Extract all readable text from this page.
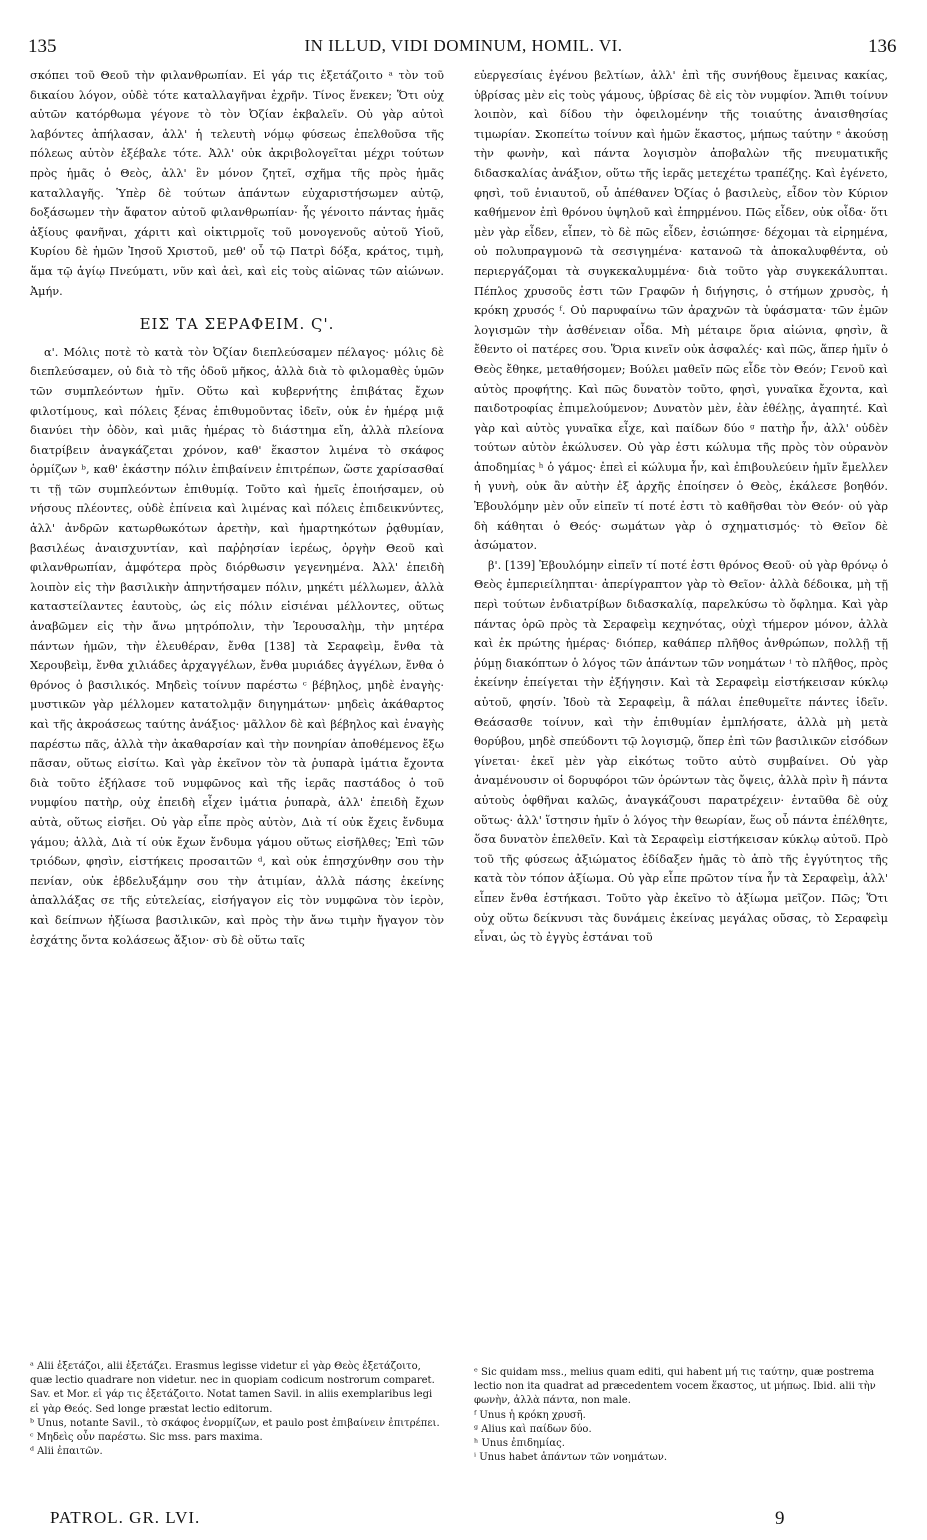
135	IN ILLUD, VIDI DOMINUM, HOMIL. VI.	136

σκόπει τοῦ Θεοῦ τὴν φιλανθρωπίαν. Εἰ γάρ τις ἐξετάζοιτο ᵃ τὸν τοῦ δικαίου λόγον, οὐδὲ τότε καταλλαγῆναι ἐχρῆν. Τίνος ἕνεκεν; Ὅτι οὐχ αὐτῶν κατόρθωμα γέγονε τὸ τὸν Ὀζίαν ἐκβαλεῖν. Οὐ γὰρ αὐτοὶ λαβόντες ἀπήλασαν, ἀλλ' ἡ τελευτὴ νόμῳ φύσεως ἐπελθοῦσα τῆς πόλεως αὐτὸν ἐξέβαλε τότε. Ἀλλ' οὐκ ἀκριβολογεῖται μέχρι τούτων πρὸς ἡμᾶς ὁ Θεὸς, ἀλλ' ἓν μόνον ζητεῖ, σχῆμα τῆς πρὸς ἡμᾶς καταλλαγῆς. Ὑπὲρ δὲ τούτων ἁπάντων εὐχαριστήσωμεν αὐτῷ, δοξάσωμεν τὴν ἄφατον αὐτοῦ φιλανθρωπίαν· ἧς γένοιτο πάντας ἡμᾶς ἀξίους φανῆναι, χάριτι καὶ οἰκτιρμοῖς τοῦ μονογενοῦς αὐτοῦ Υἱοῦ, Κυρίου δὲ ἡμῶν Ἰησοῦ Χριστοῦ, μεθ' οὗ τῷ Πατρὶ δόξα, κράτος, τιμὴ, ἅμα τῷ ἁγίῳ Πνεύματι, νῦν καὶ ἀεὶ, καὶ εἰς τοὺς αἰῶνας τῶν αἰώνων. Ἀμήν.

ΕΙΣ ΤΑ ΣΕΡΑΦΕΙΜ. Ϛ'.

α'. Μόλις ποτὲ τὸ κατὰ τὸν Ὀζίαν διεπλεύσαμεν πέλαγος· μόλις δὲ διεπλεύσαμεν, οὐ διὰ τὸ τῆς ὁδοῦ μῆκος, ἀλλὰ διὰ τὸ φιλομαθὲς ὑμῶν τῶν συμπλεόντων ἡμῖν. Οὕτω καὶ κυβερνήτης ἐπιβάτας ἔχων φιλοτίμους, καὶ πόλεις ξένας ἐπιθυμοῦντας ἰδεῖν, οὐκ ἐν ἡμέρᾳ μιᾷ διανύει τὴν ὁδὸν, καὶ μιᾶς ἡμέρας τὸ διάστημα εἴη, ἀλλὰ πλείονα διατρίβειν ἀναγκάζεται χρόνον, καθ' ἕκαστον λιμένα τὸ σκάφος ὁρμίζων ᵇ, καθ' ἑκάστην πόλιν ἐπιβαίνειν ἐπιτρέπων, ὥστε χαρίσασθαί τι τῇ τῶν συμπλεόντων ἐπιθυμίᾳ. Τοῦτο καὶ ἡμεῖς ἐποιήσαμεν, οὐ νήσους πλέοντες, οὐδὲ ἐπίνεια καὶ λιμένας καὶ πόλεις ἐπιδεικνύντες, ἀλλ' ἀνδρῶν κατωρθωκότων ἀρετὴν, καὶ ἡμαρτηκότων ῥᾳθυμίαν, βασιλέως ἀναισχυντίαν, καὶ παῤῥησίαν ἱερέως, ὀργὴν Θεοῦ καὶ φιλανθρωπίαν, ἀμφότερα πρὸς διόρθωσιν γεγενημένα. Ἀλλ' ἐπειδὴ λοιπὸν εἰς τὴν βασιλικὴν ἀπηντήσαμεν πόλιν, μηκέτι μέλλωμεν, ἀλλὰ καταστείλαντες ἑαυτοὺς, ὡς εἰς πόλιν εἰσιέναι μέλλοντες, οὕτως ἀναβῶμεν εἰς τὴν ἄνω μητρόπολιν, τὴν Ἱερουσαλὴμ, τὴν μητέρα πάντων ἡμῶν, τὴν ἐλευθέραν, ἔνθα [138] τὰ Σεραφεὶμ, ἔνθα τὰ Χερουβεὶμ, ἔνθα χιλιάδες ἀρχαγγέλων, ἔνθα μυριάδες ἀγγέλων, ἔνθα ὁ θρόνος ὁ βασιλικός. Μηδεὶς τοίνυν παρέστω ᶜ βέβηλος, μηδὲ ἐναγὴς· μυστικῶν γὰρ μέλλομεν κατατολμᾷν διηγημάτων· μηδεὶς ἀκάθαρτος καὶ τῆς ἀκροάσεως ταύτης ἀνάξιος· μᾶλλον δὲ καὶ βέβηλος καὶ ἐναγὴς παρέστω πᾶς, ἀλλὰ τὴν ἀκαθαρσίαν καὶ τὴν πονηρίαν ἀποθέμενος ἔξω πᾶσαν, οὕτως εἰσίτω. Καὶ γὰρ ἐκεῖνον τὸν τὰ ῥυπαρὰ ἱμάτια ἔχοντα διὰ τοῦτο ἐξήλασε τοῦ νυμφῶνος καὶ τῆς ἱερᾶς παστάδος ὁ τοῦ νυμφίου πατὴρ, οὐχ ἐπειδὴ εἶχεν ἱμάτια ῥυπαρὰ, ἀλλ' ἐπειδὴ ἔχων αὐτὰ, οὕτως εἰσῆει. Οὐ γὰρ εἶπε πρὸς αὐτὸν, Διὰ τί οὐκ ἔχεις ἔνδυμα γάμου; ἀλλὰ, Διὰ τί οὐκ ἔχων ἔνδυμα γάμου οὕτως εἰσῆλθες; Ἐπὶ τῶν τριόδων, φησὶν, εἱστήκεις προσαιτῶν ᵈ, καὶ οὐκ ἐπησχύνθην σου τὴν πενίαν, οὐκ ἐβδελυξάμην σου τὴν ἀτιμίαν, ἀλλὰ πάσης ἐκείνης ἀπαλλάξας σε τῆς εὐτελείας, εἰσήγαγον εἰς τὸν νυμφῶνα τὸν ἱερὸν, καὶ δείπνων ἠξίωσα βασιλικῶν, καὶ πρὸς τὴν ἄνω τιμὴν ἤγαγον τὸν ἐσχάτης ὄντα κολάσεως ἄξιον· σὺ δὲ οὕτω ταῖς

εὐεργεσίαις ἐγένου βελτίων, ἀλλ' ἐπὶ τῆς συνήθους ἔμεινας κακίας, ὑβρίσας μὲν εἰς τοὺς γάμους, ὑβρίσας δὲ εἰς τὸν νυμφίον. Ἄπιθι τοίνυν λοιπὸν, καὶ δίδου τὴν ὀφειλομένην τῆς τοιαύτης ἀναισθησίας τιμωρίαν. Σκοπείτω τοίνυν καὶ ἡμῶν ἕκαστος, μήπως ταύτην ᵉ ἀκούσῃ τὴν φωνὴν, καὶ πάντα λογισμὸν ἀποβαλὼν τῆς πνευματικῆς διδασκαλίας ἀνάξιον, οὕτω τῆς ἱερᾶς μετεχέτω τραπέζης. Καὶ ἐγένετο, φησὶ, τοῦ ἐνιαυτοῦ, οὗ ἀπέθανεν Ὀζίας ὁ βασιλεὺς, εἶδον τὸν Κύριον καθήμενον ἐπὶ θρόνου ὑψηλοῦ καὶ ἐπηρμένου. Πῶς εἶδεν, οὐκ οἶδα· ὅτι μὲν γὰρ εἶδεν, εἶπεν, τὸ δὲ πῶς εἶδεν, ἐσιώπησε· δέχομαι τὰ εἰρημένα, οὐ πολυπραγμονῶ τὰ σεσιγημένα· κατανοῶ τὰ ἀποκαλυφθέντα, οὐ περιεργάζομαι τὰ συγκεκαλυμμένα· διὰ τοῦτο γὰρ συγκεκάλυπται. Πέπλος χρυσοῦς ἐστι τῶν Γραφῶν ἡ διήγησις, ὁ στήμων χρυσὸς, ἡ κρόκη χρυσός ᶠ. Οὐ παρυφαίνω τῶν ἀραχνῶν τὰ ὑφάσματα· τῶν ἐμῶν λογισμῶν τὴν ἀσθένειαν οἶδα. Μὴ μέταιρε ὅρια αἰώνια, φησὶν, ἃ ἔθεντο οἱ πατέρες σου. Ὅρια κινεῖν οὐκ ἀσφαλές· καὶ πῶς, ἅπερ ἡμῖν ὁ Θεὸς ἔθηκε, μεταθήσομεν; Βούλει μαθεῖν πῶς εἶδε τὸν Θεόν; Γενοῦ καὶ αὐτὸς προφήτης. Καὶ πῶς δυνατὸν τοῦτο, φησὶ, γυναῖκα ἔχοντα, καὶ παιδοτροφίας ἐπιμελούμενον; Δυνατὸν μὲν, ἐὰν ἐθέλῃς, ἀγαπητέ. Καὶ γὰρ καὶ αὐτὸς γυναῖκα εἶχε, καὶ παίδων δύο ᵍ πατὴρ ἦν, ἀλλ' οὐδὲν τούτων αὐτὸν ἐκώλυσεν. Οὐ γὰρ ἐστι κώλυμα τῆς πρὸς τὸν οὐρανὸν ἀποδημίας ʰ ὁ γάμος· ἐπεὶ εἰ κώλυμα ἦν, καὶ ἐπιβουλεύειν ἡμῖν ἔμελλεν ἡ γυνὴ, οὐκ ἂν αὐτὴν ἐξ ἀρχῆς ἐποίησεν ὁ Θεὸς, ἐκάλεσε βοηθόν. Ἐβουλόμην μὲν οὖν εἰπεῖν τί ποτέ ἐστι τὸ καθῆσθαι τὸν Θεόν· οὐ γὰρ δὴ κάθηται ὁ Θεός· σωμάτων γὰρ ὁ σχηματισμός· τὸ Θεῖον δὲ ἀσώματον.

β'. [139] Ἐβουλόμην εἰπεῖν τί ποτέ ἐστι θρόνος Θεοῦ· οὐ γὰρ θρόνῳ ὁ Θεὸς ἐμπεριείληπται· ἀπερίγραπτον γὰρ τὸ Θεῖον· ἀλλὰ δέδοικα, μὴ τῇ περὶ τούτων ἐνδιατρίβων διδασκαλίᾳ, παρελκύσω τὸ ὄφλημα. Καὶ γὰρ πάντας ὁρῶ πρὸς τὰ Σεραφεὶμ κεχηνότας, οὐχὶ τήμερον μόνον, ἀλλὰ καὶ ἐκ πρώτης ἡμέρας· διόπερ, καθάπερ πλῆθος ἀνθρώπων, πολλῇ τῇ ῥύμῃ διακόπτων ὁ λόγος τῶν ἁπάντων τῶν νοημάτων ⁱ τὸ πλῆθος, πρὸς ἐκείνην ἐπείγεται τὴν ἐξήγησιν. Καὶ τὰ Σεραφεὶμ εἱστήκεισαν κύκλῳ αὐτοῦ, φησίν. Ἰδοὺ τὰ Σεραφεὶμ, ἃ πάλαι ἐπεθυμεῖτε πάντες ἰδεῖν. Θεάσασθε τοίνυν, καὶ τὴν ἐπιθυμίαν ἐμπλήσατε, ἀλλὰ μὴ μετὰ θορύβου, μηδὲ σπεύδοντι τῷ λογισμῷ, ὅπερ ἐπὶ τῶν βασιλικῶν εἰσόδων γίνεται· ἐκεῖ μὲν γὰρ εἰκότως τοῦτο αὐτὸ συμβαίνει. Οὐ γὰρ ἀναμένουσιν οἱ δορυφόροι τῶν ὁρώντων τὰς ὄψεις, ἀλλὰ πρὶν ἢ πάντα αὐτοὺς ὀφθῆναι καλῶς, ἀναγκάζουσι παρατρέχειν· ἐνταῦθα δὲ οὐχ οὕτως· ἀλλ' ἵστησιν ἡμῖν ὁ λόγος τὴν θεωρίαν, ἕως οὗ πάντα ἐπέλθητε, ὅσα δυνατὸν ἐπελθεῖν. Καὶ τὰ Σεραφεὶμ εἱστήκεισαν κύκλῳ αὐτοῦ. Πρὸ τοῦ τῆς φύσεως ἀξιώματος ἐδίδαξεν ἡμᾶς τὸ ἀπὸ τῆς ἐγγύτητος τῆς κατὰ τὸν τόπον ἀξίωμα. Οὐ γὰρ εἶπε πρῶτον τίνα ἦν τὰ Σεραφεὶμ, ἀλλ' εἶπεν ἔνθα ἑστήκασι. Τοῦτο γὰρ ἐκεῖνο τὸ ἀξίωμα μεῖζον. Πῶς; Ὅτι οὐχ οὕτω δείκνυσι τὰς δυνάμεις ἐκείνας μεγάλας οὔσας, τὸ Σεραφεὶμ εἶναι, ὡς τὸ ἐγγὺς ἑστάναι τοῦ

ᵃ Alii ἐξετάζοι, alii ἐξετάζει. Erasmus legisse videtur εἰ γὰρ Θεὸς ἐξετάζοιτο, quæ lectio quadrare non videtur. nec in quopiam codicum nostrorum comparet. Sav. et Mor. εἰ γάρ τις ἐξετάζοιτο. Notat tamen Savil. in aliis exemplaribus legi εἰ γὰρ Θεός. Sed longe præstat lectio editorum.

ᵇ Unus, notante Savil., τὸ σκάφος ἐνορμίζων, et paulo post ἐπιβαίνειν ἐπιτρέπει.

ᶜ Μηδεὶς οὖν παρέστω. Sic mss. pars maxima.

ᵈ Alii ἐπαιτῶν.

ᵉ Sic quidam mss., melius quam editi, qui habent μή τις ταύτην, quæ postrema lectio non ita quadrat ad præcedentem vocem ἕκαστος, ut μήπως. Ibid. alii τὴν φωνὴν, ἀλλὰ πάντα, non male.

ᶠ Unus ἡ κρόκη χρυσῆ.

ᵍ Alius καὶ παίδων δύο.

ʰ Unus ἐπιδημίας.

ⁱ Unus habet ἁπάντων τῶν νοημάτων.

PATROL. GR. LVI.	9
